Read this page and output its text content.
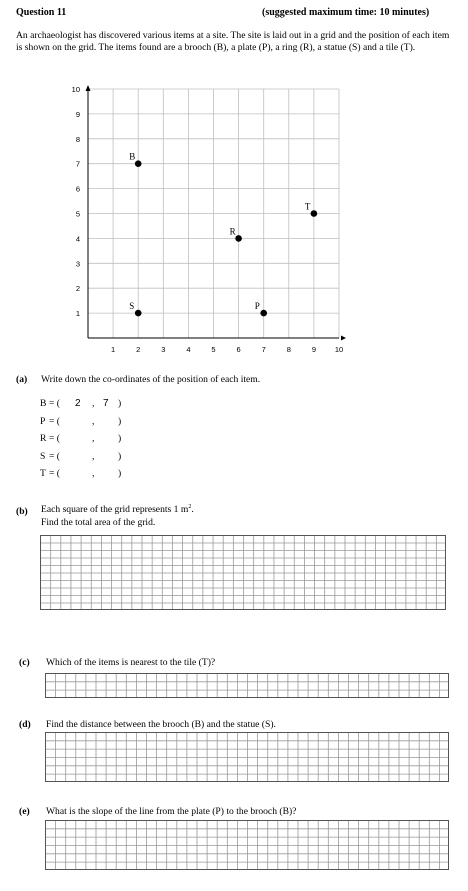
Question 11	(suggested maximum time: 10 minutes)
An archaeologist has discovered various items at a site. The site is laid out in a grid and the position of each item is shown on the grid. The items found are a brooch (B), a plate (P), a ring (R), a statue (S) and a tile (T).
1	2	3	4	5	6	7	8	9	10
1
2
3
4
5
6
7
8
9
10
B
T
R
S	P
(a) Write down the co-ordinates of the position of each item.
B = ( 2 , 7 )
P = (	, )
R = (	, )
S = (	, )
T = (	, )
(b) Each square of the grid represents 1 $m^2$.
Find the total area of the grid.
(c) Which of the items is nearest to the tile (T)?
(d) Find the distance between the brooch (B) and the statue (S).
(e) What is the slope of the line from the plate (P) to the brooch (B)?
